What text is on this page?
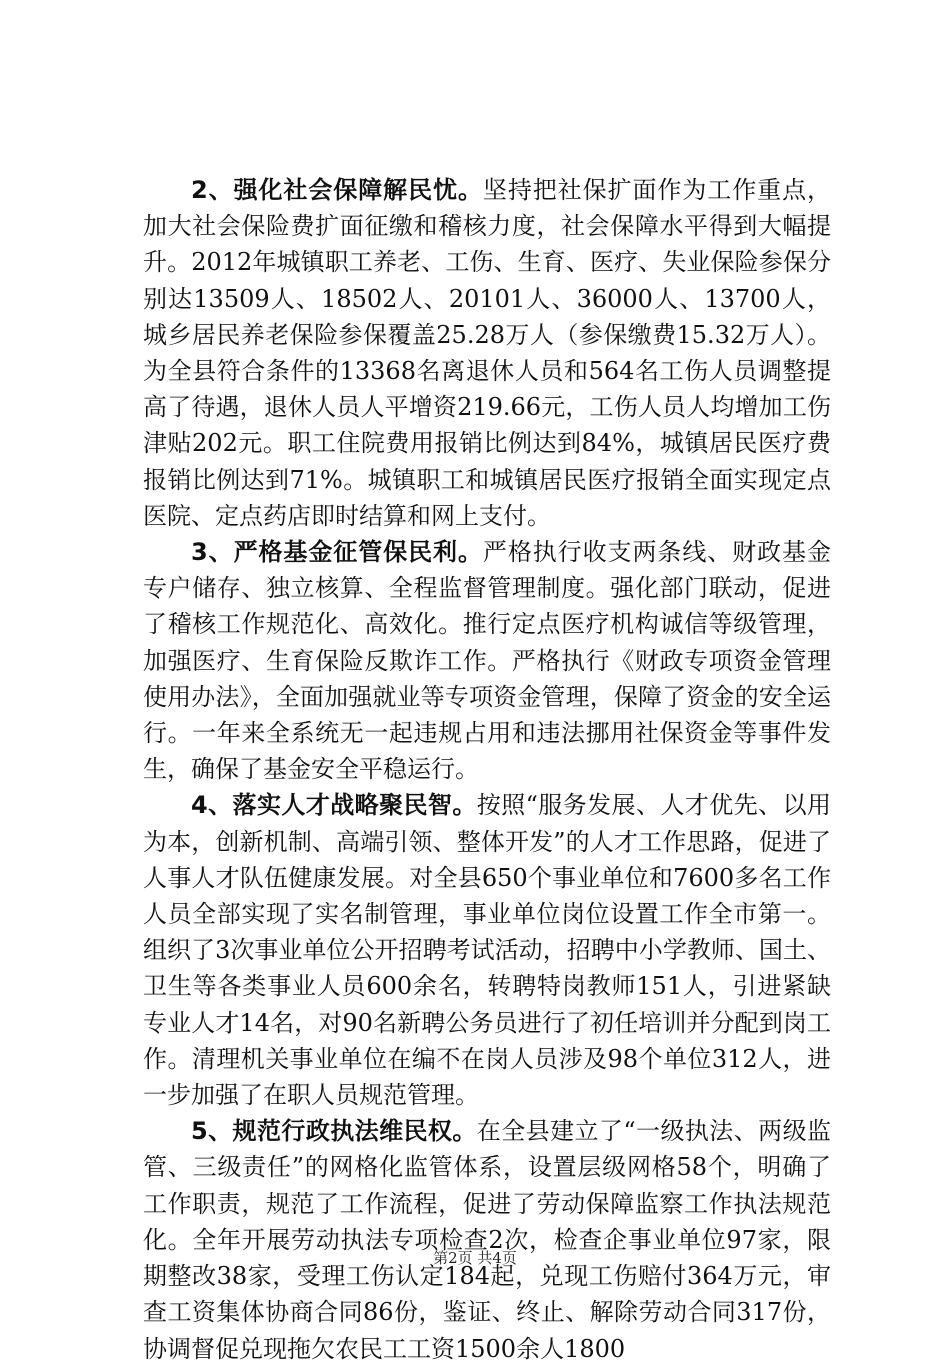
2、强化社会保障解民忧。坚持把社保扩面作为工作重点，加大社会保险费扩面征缴和稽核力度，社会保障水平得到大幅提升。2012年城镇职工养老、工伤、生育、医疗、失业保险参保分别达13509人、18502人、20101人、36000人、13700人，城乡居民养老保险参保覆盖25.28万人（参保缴费15.32万人）。为全县符合条件的13368名离退休人员和564名工伤人员调整提高了待遇，退休人员人平增资219.66元，工伤人员人均增加工伤津贴202元。职工住院费用报销比例达到84%，城镇居民医疗费报销比例达到71%。城镇职工和城镇居民医疗报销全面实现定点医院、定点药店即时结算和网上支付。

3、严格基金征管保民利。严格执行收支两条线、财政基金专户储存、独立核算、全程监督管理制度。强化部门联动，促进了稽核工作规范化、高效化。推行定点医疗机构诚信等级管理，加强医疗、生育保险反欺诈工作。严格执行《财政专项资金管理使用办法》，全面加强就业等专项资金管理，保障了资金的安全运行。一年来全系统无一起违规占用和违法挪用社保资金等事件发生，确保了基金安全平稳运行。

4、落实人才战略聚民智。按照“服务发展、人才优先、以用为本，创新机制、高端引领、整体开发”的人才工作思路，促进了人事人才队伍健康发展。对全县650个事业单位和7600多名工作人员全部实现了实名制管理，事业单位岗位设置工作全市第一。组织了3次事业单位公开招聘考试活动，招聘中小学教师、国土、卫生等各类事业人员600余名，转聘特岗教师151人，引进紧缺专业人才14名，对90名新聘公务员进行了初任培训并分配到岗工作。清理机关事业单位在编不在岗人员涉及98个单位312人，进一步加强了在职人员规范管理。

5、规范行政执法维民权。在全县建立了“一级执法、两级监管、三级责任”的网格化监管体系，设置层级网格58个，明确了工作职责，规范了工作流程，促进了劳动保障监察工作执法规范化。全年开展劳动执法专项检查2次，检查企事业单位97家，限期整改38家，受理工伤认定184起，兑现工伤赔付364万元，审查工资集体协商合同86份，鉴证、终止、解除劳动合同317份，协调督促兑现拖欠农民工工资1500余人1800

第2页 共4页
